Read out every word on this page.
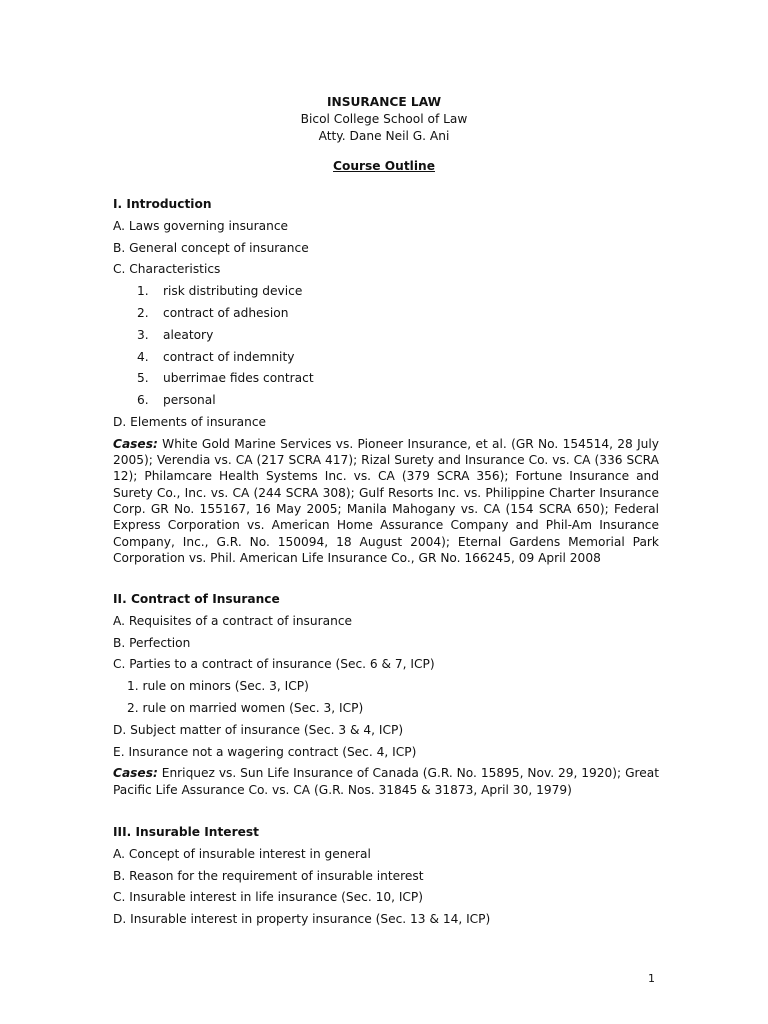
INSURANCE LAW
Bicol College School of Law
Atty. Dane Neil G. Ani
Course Outline
I. Introduction
A. Laws governing insurance
B. General concept of insurance
C. Characteristics
1. risk distributing device
2. contract of adhesion
3. aleatory
4. contract of indemnity
5. uberrimae fides contract
6. personal
D. Elements of insurance
Cases: White Gold Marine Services vs. Pioneer Insurance, et al. (GR No. 154514, 28 July 2005); Verendia vs. CA (217 SCRA 417); Rizal Surety and Insurance Co. vs. CA (336 SCRA 12); Philamcare Health Systems Inc. vs. CA (379 SCRA 356); Fortune Insurance and Surety Co., Inc. vs. CA (244 SCRA 308); Gulf Resorts Inc. vs. Philippine Charter Insurance Corp. GR No. 155167, 16 May 2005; Manila Mahogany vs. CA (154 SCRA 650); Federal Express Corporation vs. American Home Assurance Company and Phil-Am Insurance Company, Inc., G.R. No. 150094, 18 August 2004); Eternal Gardens Memorial Park Corporation vs. Phil. American Life Insurance Co., GR No. 166245, 09 April 2008
II. Contract of Insurance
A. Requisites of a contract of insurance
B. Perfection
C. Parties to a contract of insurance (Sec. 6 & 7, ICP)
1. rule on minors (Sec. 3, ICP)
2. rule on married women (Sec. 3, ICP)
D. Subject matter of insurance (Sec. 3 & 4, ICP)
E. Insurance not a wagering contract (Sec. 4, ICP)
Cases: Enriquez vs. Sun Life Insurance of Canada (G.R. No. 15895, Nov. 29, 1920); Great Pacific Life Assurance Co. vs. CA (G.R. Nos. 31845 & 31873, April 30, 1979)
III. Insurable Interest
A. Concept of insurable interest in general
B. Reason for the requirement of insurable interest
C. Insurable interest in life insurance (Sec. 10, ICP)
D. Insurable interest in property insurance (Sec. 13 & 14, ICP)
1
